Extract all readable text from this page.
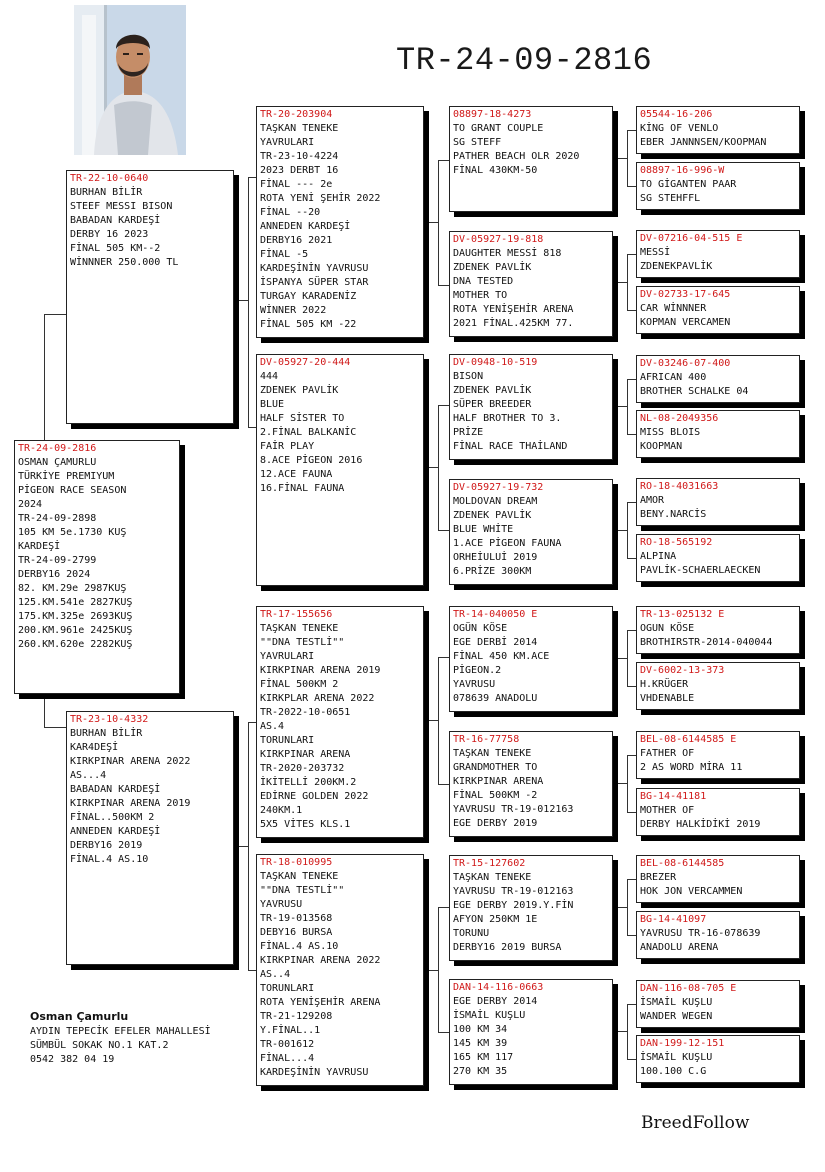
TR-24-09-2816
TR-24-09-2816
OSMAN ÇAMURLU
TÜRKİYE PREMIYUM
PİGEON RACE SEASON
2024
TR-24-09-2898
105 KM 5e.1730 KUŞ
KARDEŞİ
TR-24-09-2799
DERBY16 2024
82. KM.29e 2987KUŞ
125.KM.541e 2827KUŞ
175.KM.325e 2693KUŞ
200.KM.961e 2425KUŞ
260.KM.620e 2282KUŞ
TR-22-10-0640
BURHAN BİLİR
STEEF MESSI BISON
BABADAN KARDEŞİ
DERBY 16 2023
FİNAL 505 KM--2
WİNNNER 250.000 TL
TR-23-10-4332
BURHAN BİLİR
KAR4DEŞİ
KIRKPINAR ARENA 2022
AS...4
BABADAN KARDEŞİ
KIRKPINAR ARENA 2019
FİNAL..500KM 2
ANNEDEN KARDEŞİ
DERBY16 2019
FİNAL.4 AS.10
TR-20-203904
TAŞKAN TENEKE
YAVRULARI
TR-23-10-4224
2023 DERBT 16
FİNAL --- 2e
ROTA YENİ ŞEHİR 2022
FİNAL --20
ANNEDEN KARDEŞİ
DERBY16 2021
FİNAL -5
KARDEŞİNİN YAVRUSU
İSPANYA SÜPER STAR
TURGAY KARADENİZ
WİNNER 2022
FİNAL 505 KM -22
DV-05927-20-444
444
ZDENEK PAVLİK
BLUE
HALF SİSTER TO
2.FİNAL BALKANİC
FAİR PLAY
8.ACE PİGEON 2016
12.ACE FAUNA
16.FİNAL FAUNA
TR-17-155656
TAŞKAN TENEKE
""DNA TESTLİ""
YAVRULARI
KIRKPINAR ARENA 2019
FİNAL 500KM 2
KIRKPLAR ARENA 2022
TR-2022-10-0651
AS.4
TORUNLARI
KIRKPINAR ARENA
TR-2020-203732
İKİTELLİ 200KM.2
EDİRNE GOLDEN 2022
240KM.1
5X5 VİTES KLS.1
TR-18-010995
TAŞKAN TENEKE
""DNA TESTLİ""
YAVRUSU
TR-19-013568
DEBY16 BURSA
FİNAL.4 AS.10
KIRKPINAR ARENA 2022
AS..4
TORUNLARI
ROTA YENİŞEHİR ARENA
TR-21-129208
Y.FİNAL..1
TR-001612
FİNAL...4
KARDEŞİNİN YAVRUSU
08897-18-4273
TO GRANT COUPLE
SG STEFF
PATHER BEACH OLR 2020
FİNAL 430KM-50
DV-05927-19-818
DAUGHTER MESSİ 818
ZDENEK PAVLİK
DNA TESTED
MOTHER TO
ROTA YENİŞEHİR ARENA
2021 FİNAL.425KM 77.
DV-0948-10-519
BISON
ZDENEK PAVLİK
SÜPER BREEDER
HALF BROTHER TO 3.
PRİZE
FİNAL RACE THAİLAND
DV-05927-19-732
MOLDOVAN DREAM
ZDENEK PAVLİK
BLUE WHİTE
1.ACE PİGEON FAUNA
ORHEİULUİ 2019
6.PRİZE 300KM
TR-14-040050 E
OGÜN KÖSE
EGE DERBİ 2014
FİNAL 450 KM.ACE
PİGEON.2
YAVRUSU
078639 ANADOLU
TR-16-77758
TAŞKAN TENEKE
GRANDMOTHER TO
KIRKPINAR ARENA
FİNAL 500KM -2
YAVRUSU TR-19-012163
EGE DERBY 2019
TR-15-127602
TAŞKAN TENEKE
YAVRUSU TR-19-012163
EGE DERBY 2019.Y.FİN
AFYON 250KM 1E
TORUNU
DERBY16 2019 BURSA
DAN-14-116-0663
EGE DERBY 2014
İSMAİL KUŞLU
100 KM 34
145 KM 39
165 KM 117
270 KM 35
05544-16-206
KİNG OF VENLO
EBER JANNNSEN/KOOPMAN
08897-16-996-W
TO GİGANTEN PAAR
SG STEHFFL
DV-07216-04-515 E
MESSİ
ZDENEKPAVLİK
DV-02733-17-645
CAR WİNNNER
KOPMAN VERCAMEN
DV-03246-07-400
AFRICAN 400
BROTHER SCHALKE 04
NL-08-2049356
MISS BLOIS
KOOPMAN
RO-18-4031663
AMOR
BENY.NARCİS
RO-18-565192
ALPINA
PAVLİK-SCHAERLAECKEN
TR-13-025132 E
OGUN KÖSE
BROTHIRSTR-2014-040044
DV-6002-13-373
H.KRÜGER
VHDENABLE
BEL-08-6144585 E
FATHER OF
2 AS WORD MİRA 11
BG-14-41181
MOTHER OF
DERBY HALKİDİKİ 2019
BEL-08-6144585
BREZER
HOK JON VERCAMMEN
BG-14-41097
YAVRUSU TR-16-078639
ANADOLU ARENA
DAN-116-08-705 E
İSMAİL KUŞLU
WANDER WEGEN
DAN-199-12-151
İSMAİL KUŞLU
100.100 C.G
Osman Çamurlu
AYDIN TEPECİK EFELER MAHALLESİ
SÜMBÜL SOKAK NO.1 KAT.2
0542 382 04 19
BreedFollow
